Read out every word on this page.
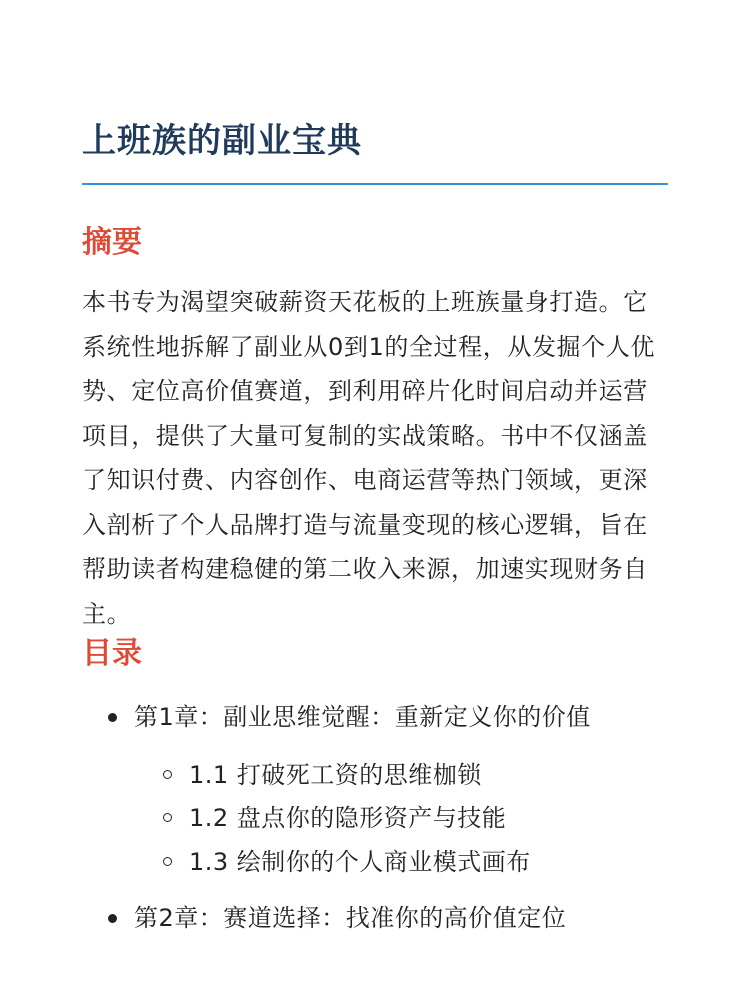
上班族的副业宝典
摘要

本书专为渴望突破薪资天花板的上班族量身打造。它系统性地拆解了副业从0到1的全过程，从发掘个人优势、定位高价值赛道，到利用碎片化时间启动并运营项目，提供了大量可复制的实战策略。书中不仅涵盖了知识付费、内容创作、电商运营等热门领域，更深入剖析了个人品牌打造与流量变现的核心逻辑，旨在帮助读者构建稳健的第二收入来源，加速实现财务自主。

目录
第1章：副业思维觉醒：重新定义你的价值
1.1 打破死工资的思维枷锁
1.2 盘点你的隐形资产与技能
1.3 绘制你的个人商业模式画布
第2章：赛道选择：找准你的高价值定位
